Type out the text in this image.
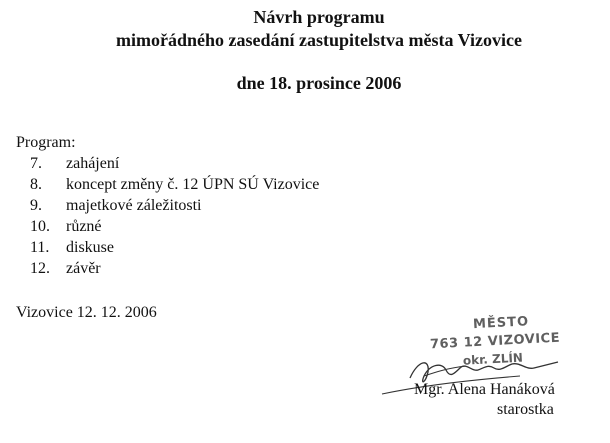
Návrh programu
mimořádného zasedání zastupitelstva města Vizovice
dne 18. prosince 2006
Program:
7. zahájení
8. koncept změny č. 12 ÚPN SÚ Vizovice
9. majetkové záležitosti
10. různé
11. diskuse
12. závěr
Vizovice 12. 12. 2006
MĚSTO
763 12 VIZOVICE
okr. ZLÍN
Mgr. Alena Hanáková
starostka
